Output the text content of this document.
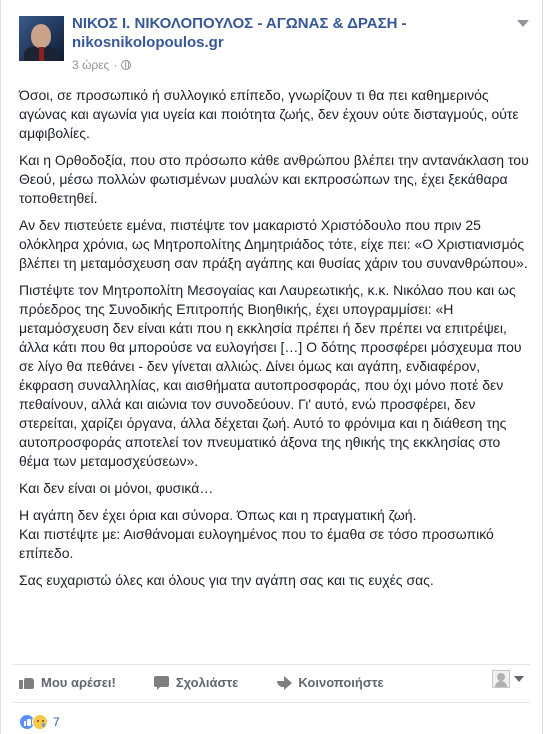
ΝΙΚΟΣ Ι. ΝΙΚΟΛΟΠΟΥΛΟΣ - ΑΓΩΝΑΣ & ΔΡΑΣΗ - nikosnikolopoulos.gr
3 ώρες ·

Όσοι, σε προσωπικό ή συλλογικό επίπεδο, γνωρίζουν τι θα πει καθημερινός αγώνας και αγωνία για υγεία και ποιότητα ζωής, δεν έχουν ούτε δισταγμούς, ούτε αμφιβολίες.

Και η Ορθοδοξία, που στο πρόσωπο κάθε ανθρώπου βλέπει την αντανάκλαση του Θεού, μέσω πολλών φωτισμένων μυαλών και εκπροσώπων της, έχει ξεκάθαρα τοποθετηθεί.

Αν δεν πιστεύετε εμένα, πιστέψτε τον μακαριστό Χριστόδουλο που πριν 25 ολόκληρα χρόνια, ως Μητροπολίτης Δημητριάδος τότε, είχε πει: «Ο Χριστιανισμός βλέπει τη μεταμόσχευση σαν πράξη αγάπης και θυσίας χάριν του συνανθρώπου».

Πιστέψτε τον Μητροπολίτη Μεσογαίας και Λαυρεωτικής, κ.κ. Νικόλαο που και ως πρόεδρος της Συνοδικής Επιτροπής Βιοηθικής, έχει υπογραμμίσει: «Η μεταμόσχευση δεν είναι κάτι που η εκκλησία πρέπει ή δεν πρέπει να επιτρέψει, άλλα κάτι που θα μπορούσε να ευλογήσει […] Ο δότης προσφέρει μόσχευμα που σε λίγο θα πεθάνει - δεν γίνεται αλλιώς. Δίνει όμως και αγάπη, ενδιαφέρον, έκφραση συναλληλίας, και αισθήματα αυτοπροσφοράς, που όχι μόνο ποτέ δεν πεθαίνουν, αλλά και αιώνια τον συνοδεύουν. Γι' αυτό, ενώ προσφέρει, δεν στερείται, χαρίζει όργανα, άλλα δέχεται ζωή. Αυτό το φρόνιμα και η διάθεση της αυτοπροσφοράς αποτελεί τον πνευματικό άξονα της ηθικής της εκκλησίας στο θέμα των μεταμοσχεύσεων».

Και δεν είναι οι μόνοι, φυσικά…

Η αγάπη δεν έχει όρια και σύνορα. Όπως και η πραγματική ζωή.
Και πιστέψτε με: Αισθάνομαι ευλογημένος που το έμαθα σε τόσο προσωπικό επίπεδο.

Σας ευχαριστώ όλες και όλους για την αγάπη σας και τις ευχές σας.

Μου αρέσει!	Σχολιάστε	Κοινοποιήστε
7
